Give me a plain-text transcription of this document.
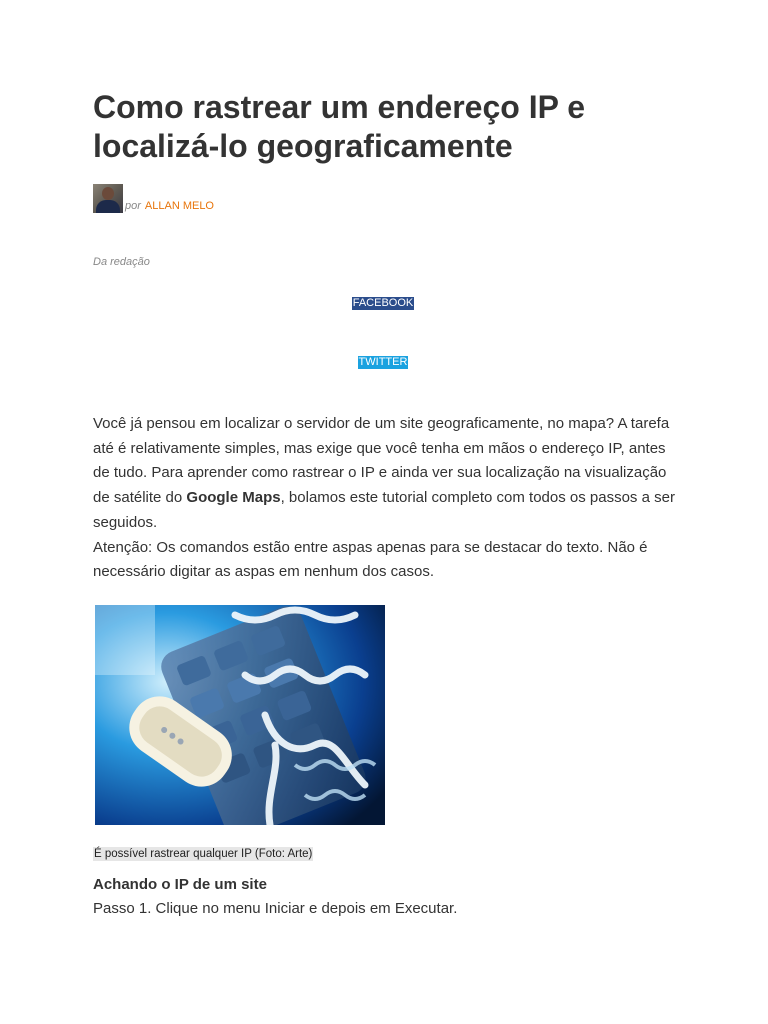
Como rastrear um endereço IP e localizá-lo geograficamente
por ALLAN MELO
Da redação
FACEBOOK
TWITTER
Você já pensou em localizar o servidor de um site geograficamente, no mapa? A tarefa até é relativamente simples, mas exige que você tenha em mãos o endereço IP, antes de tudo. Para aprender como rastrear o IP e ainda ver sua localização na visualização de satélite do Google Maps, bolamos este tutorial completo com todos os passos a ser seguidos.
Atenção: Os comandos estão entre aspas apenas para se destacar do texto. Não é necessário digitar as aspas em nenhum dos casos.
É possível rastrear qualquer IP (Foto: Arte)
Achando o IP de um site

Passo 1. Clique no menu Iniciar e depois em Executar.
